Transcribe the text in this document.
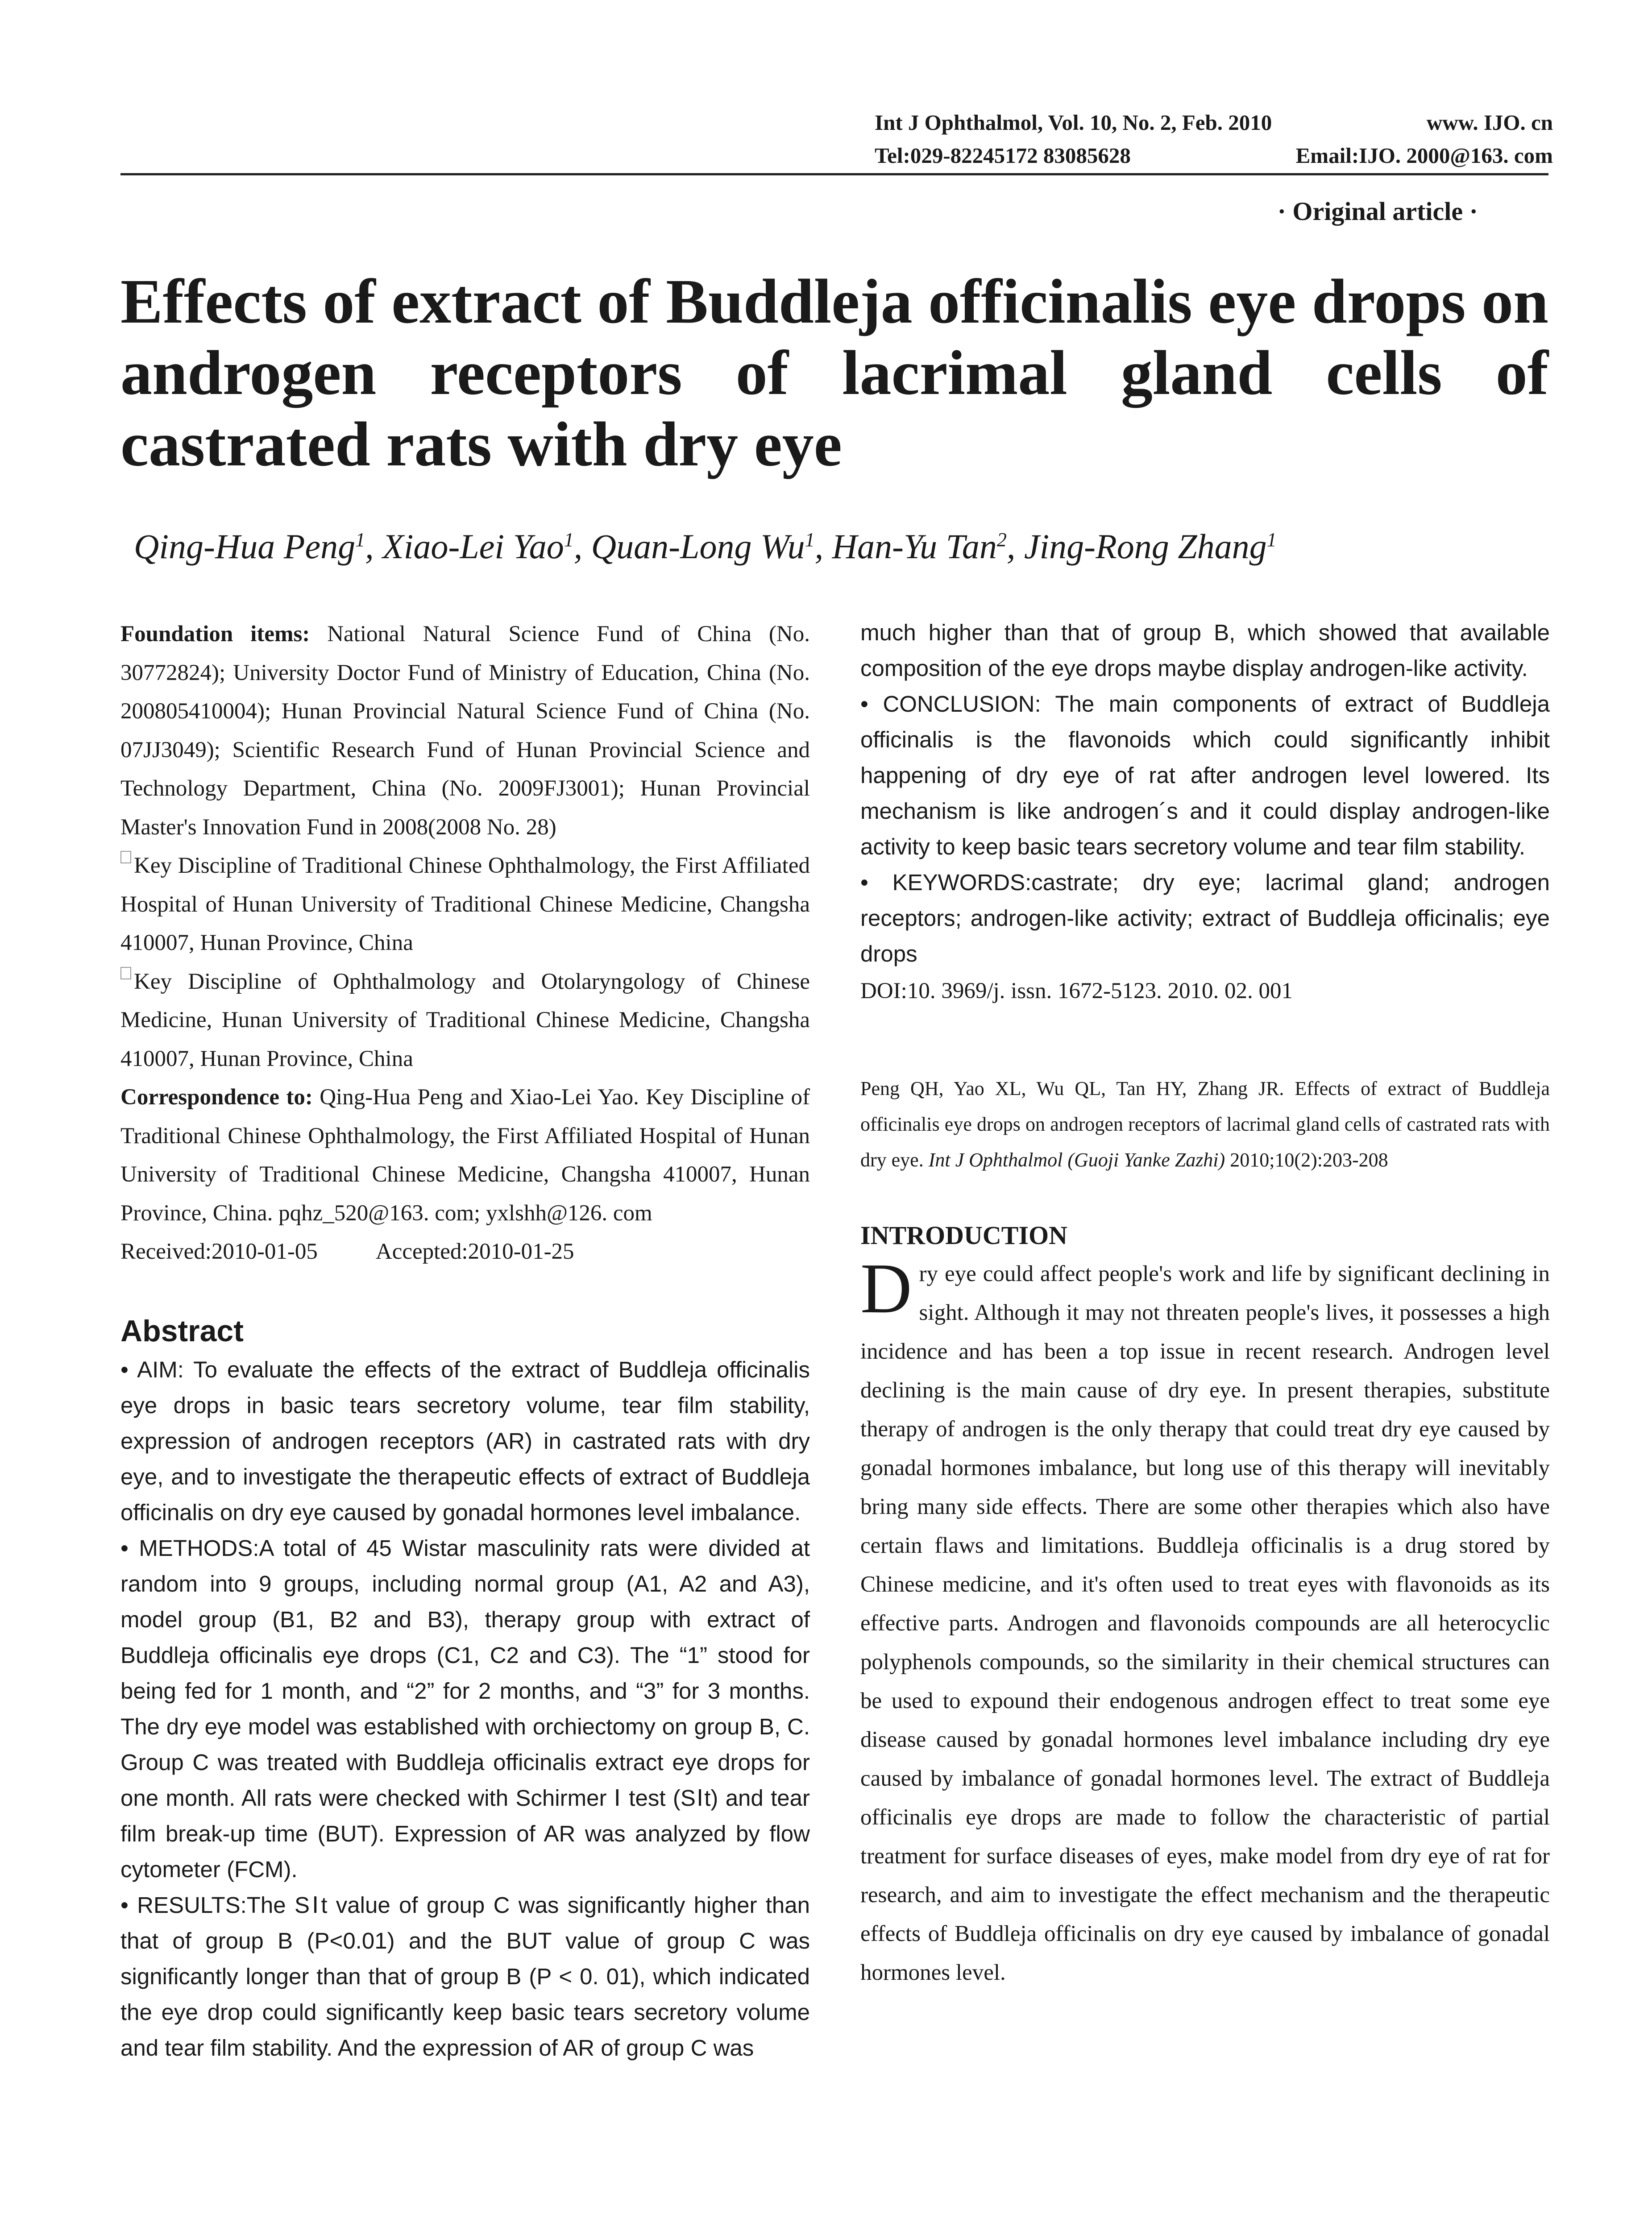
Int J Ophthalmol, Vol. 10, No. 2, Feb. 2010	www. IJO. cn
Tel:029-82245172 83085628	Email:IJO. 2000@163. com
· Original article ·
Effects of extract of Buddleja officinalis eye drops on androgen receptors of lacrimal gland cells of castrated rats with dry eye
Qing-Hua Peng$^1$, Xiao-Lei Yao$^1$, Quan-Long Wu$^1$, Han-Yu Tan$^2$, Jing-Rong Zhang$^1$

Foundation items: National Natural Science Fund of China (No. 30772824); University Doctor Fund of Ministry of Education, China (No. 200805410004); Hunan Provincial Natural Science Fund of China (No. 07JJ3049); Scientific Research Fund of Hunan Provincial Science and Technology Department, China (No. 2009FJ3001); Hunan Provincial Master's Innovation Fund in 2008(2008 No. 28)

Key Discipline of Traditional Chinese Ophthalmology, the First Affiliated Hospital of Hunan University of Traditional Chinese Medicine, Changsha 410007, Hunan Province, China

Key Discipline of Ophthalmology and Otolaryngology of Chinese Medicine, Hunan University of Traditional Chinese Medicine, Changsha 410007, Hunan Province, China

Correspondence to: Qing-Hua Peng and Xiao-Lei Yao. Key Discipline of Traditional Chinese Ophthalmology, the First Affiliated Hospital of Hunan University of Traditional Chinese Medicine, Changsha 410007, Hunan Province, China. pqhz_520@163. com; yxlshh@126. com

Received:2010-01-05	Accepted:2010-01-25

Abstract

• AIM: To evaluate the effects of the extract of Buddleja officinalis eye drops in basic tears secretory volume, tear film stability, expression of androgen receptors (AR) in castrated rats with dry eye, and to investigate the therapeutic effects of extract of Buddleja officinalis on dry eye caused by gonadal hormones level imbalance.

• METHODS:A total of 45 Wistar masculinity rats were divided at random into 9 groups, including normal group (A1, A2 and A3), model group (B1, B2 and B3), therapy group with extract of Buddleja officinalis eye drops (C1, C2 and C3). The “1” stood for being fed for 1 month, and “2” for 2 months, and “3” for 3 months. The dry eye model was established with orchiectomy on group B, C. Group C was treated with Buddleja officinalis extract eye drops for one month. All rats were checked with Schirmer Ⅰ test (SⅠt) and tear film break-up time (BUT). Expression of AR was analyzed by flow cytometer (FCM).

• RESULTS:The SⅠt value of group C was significantly higher than that of group B (P<0.01) and the BUT value of group C was significantly longer than that of group B (P < 0. 01), which indicated the eye drop could significantly keep basic tears secretory volume and tear film stability. And the expression of AR of group C was

much higher than that of group B, which showed that available composition of the eye drops maybe display androgen-like activity.

• CONCLUSION: The main components of extract of Buddleja officinalis is the flavonoids which could significantly inhibit happening of dry eye of rat after androgen level lowered. Its mechanism is like androgen´s and it could display androgen-like activity to keep basic tears secretory volume and tear film stability.

• KEYWORDS:castrate; dry eye; lacrimal gland; androgen receptors; androgen-like activity; extract of Buddleja officinalis; eye drops

DOI:10. 3969/j. issn. 1672-5123. 2010. 02. 001

Peng QH, Yao XL, Wu QL, Tan HY, Zhang JR. Effects of extract of Buddleja officinalis eye drops on androgen receptors of lacrimal gland cells of castrated rats with dry eye. Int J Ophthalmol (Guoji Yanke Zazhi) 2010;10(2):203-208

INTRODUCTION

Dry eye could affect people's work and life by significant declining in sight. Although it may not threaten people's lives, it possesses a high incidence and has been a top issue in recent research. Androgen level declining is the main cause of dry eye. In present therapies, substitute therapy of androgen is the only therapy that could treat dry eye caused by gonadal hormones imbalance, but long use of this therapy will inevitably bring many side effects. There are some other therapies which also have certain flaws and limitations. Buddleja officinalis is a drug stored by Chinese medicine, and it's often used to treat eyes with flavonoids as its effective parts. Androgen and flavonoids compounds are all heterocyclic polyphenols compounds, so the similarity in their chemical structures can be used to expound their endogenous androgen effect to treat some eye disease caused by gonadal hormones level imbalance including dry eye caused by imbalance of gonadal hormones level. The extract of Buddleja officinalis eye drops are made to follow the characteristic of partial treatment for surface diseases of eyes, make model from dry eye of rat for research, and aim to investigate the effect mechanism and the therapeutic effects of Buddleja officinalis on dry eye caused by imbalance of gonadal hormones level.
